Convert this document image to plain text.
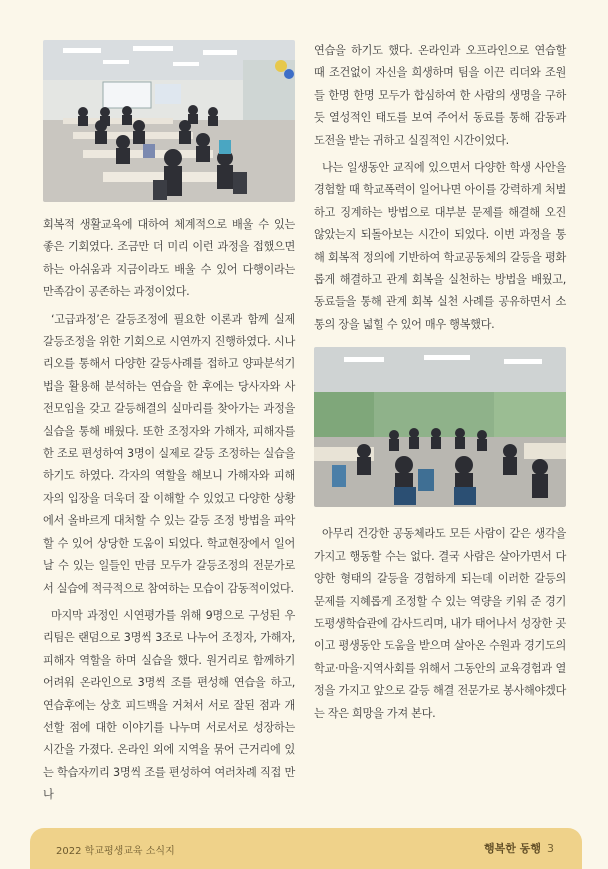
회복적 생활교육에 대하여 체계적으로 배울 수 있는 좋은 기회였다. 조금만 더 미리 이런 과정을 접했으면 하는 아쉬움과 지금이라도 배울 수 있어 다행이라는 만족감이 공존하는 과정이었다.

‘고급과정’은 갈등조정에 필요한 이론과 함께 실제 갈등조정을 위한 기회으로 시연까지 진행하였다. 시나리오를 통해서 다양한 갈등사례를 접하고 양파분석기법을 활용해 분석하는 연습을 한 후에는 당사자와 사전모임을 갖고 갈등해결의 실마리를 찾아가는 과정을 실습을 통해 배웠다. 또한 조정자와 가해자, 피해자를 한 조로 편성하여 3명이 실제로 갈등 조정하는 실습을 하기도 하였다. 각자의 역할을 해보니 가해자와 피해자의 입장을 더욱더 잘 이해할 수 있었고 다양한 상황에서 올바르게 대처할 수 있는 갈등 조정 방법을 파악할 수 있어 상당한 도움이 되었다. 학교현장에서 일어날 수 있는 일들인 만큼 모두가 갈등조정의 전문가로서 실습에 적극적으로 참여하는 모습이 감동적이었다.

마지막 과정인 시연평가를 위해 9명으로 구성된 우리팀은 랜덤으로 3명씩 3조로 나누어 조정자, 가해자, 피해자 역할을 하며 실습을 했다. 원거리로 함께하기 어려워 온라인으로 3명씩 조를 편성해 연습을 하고, 연습후에는 상호 피드백을 거쳐서 서로 잘된 점과 개선할 점에 대한 이야기를 나누며 서로서로 성장하는 시간을 가졌다. 온라인 외에 지역을 묶어 근거리에 있는 학습자끼리 3명씩 조를 편성하여 여러차례 직접 만나

연습을 하기도 했다. 온라인과 오프라인으로 연습할 때 조건없이 자신을 희생하며 팀을 이끈 리더와 조원들 한명 한명 모두가 합심하여 한 사람의 생명을 구하듯 열성적인 태도를 보여 주어서 동료를 통해 감동과 도전을 받는 귀하고 실질적인 시간이었다.

나는 일생동안 교직에 있으면서 다양한 학생 사안을 경험할 때 학교폭력이 일어나면 아이를 강력하게 처벌하고 징계하는 방법으로 대부분 문제를 해결해 오진 않았는지 되돌아보는 시간이 되었다. 이번 과정을 통해 회복적 정의에 기반하여 학교공동체의 갈등을 평화롭게 해결하고 관계 회복을 실천하는 방법을 배웠고, 동료들을 통해 관계 회복 실천 사례를 공유하면서 소통의 장을 넓힐 수 있어 매우 행복했다.

아무리 건강한 공동체라도 모든 사람이 같은 생각을 가지고 행동할 수는 없다. 결국 사람은 살아가면서 다양한 형태의 갈등을 경험하게 되는데 이러한 갈등의 문제를 지혜롭게 조정할 수 있는 역량을 키워 준 경기도평생학습관에 감사드리며, 내가 태어나서 성장한 곳이고 평생동안 도움을 받으며 살아온 수원과 경기도의 학교·마을·지역사회를 위해서 그동안의 교육경험과 열정을 가지고 앞으로 갈등 해결 전문가로 봉사해야겠다는 작은 희망을 가져 본다.

2022 학교평생교육 소식지	행복한 동행 3
